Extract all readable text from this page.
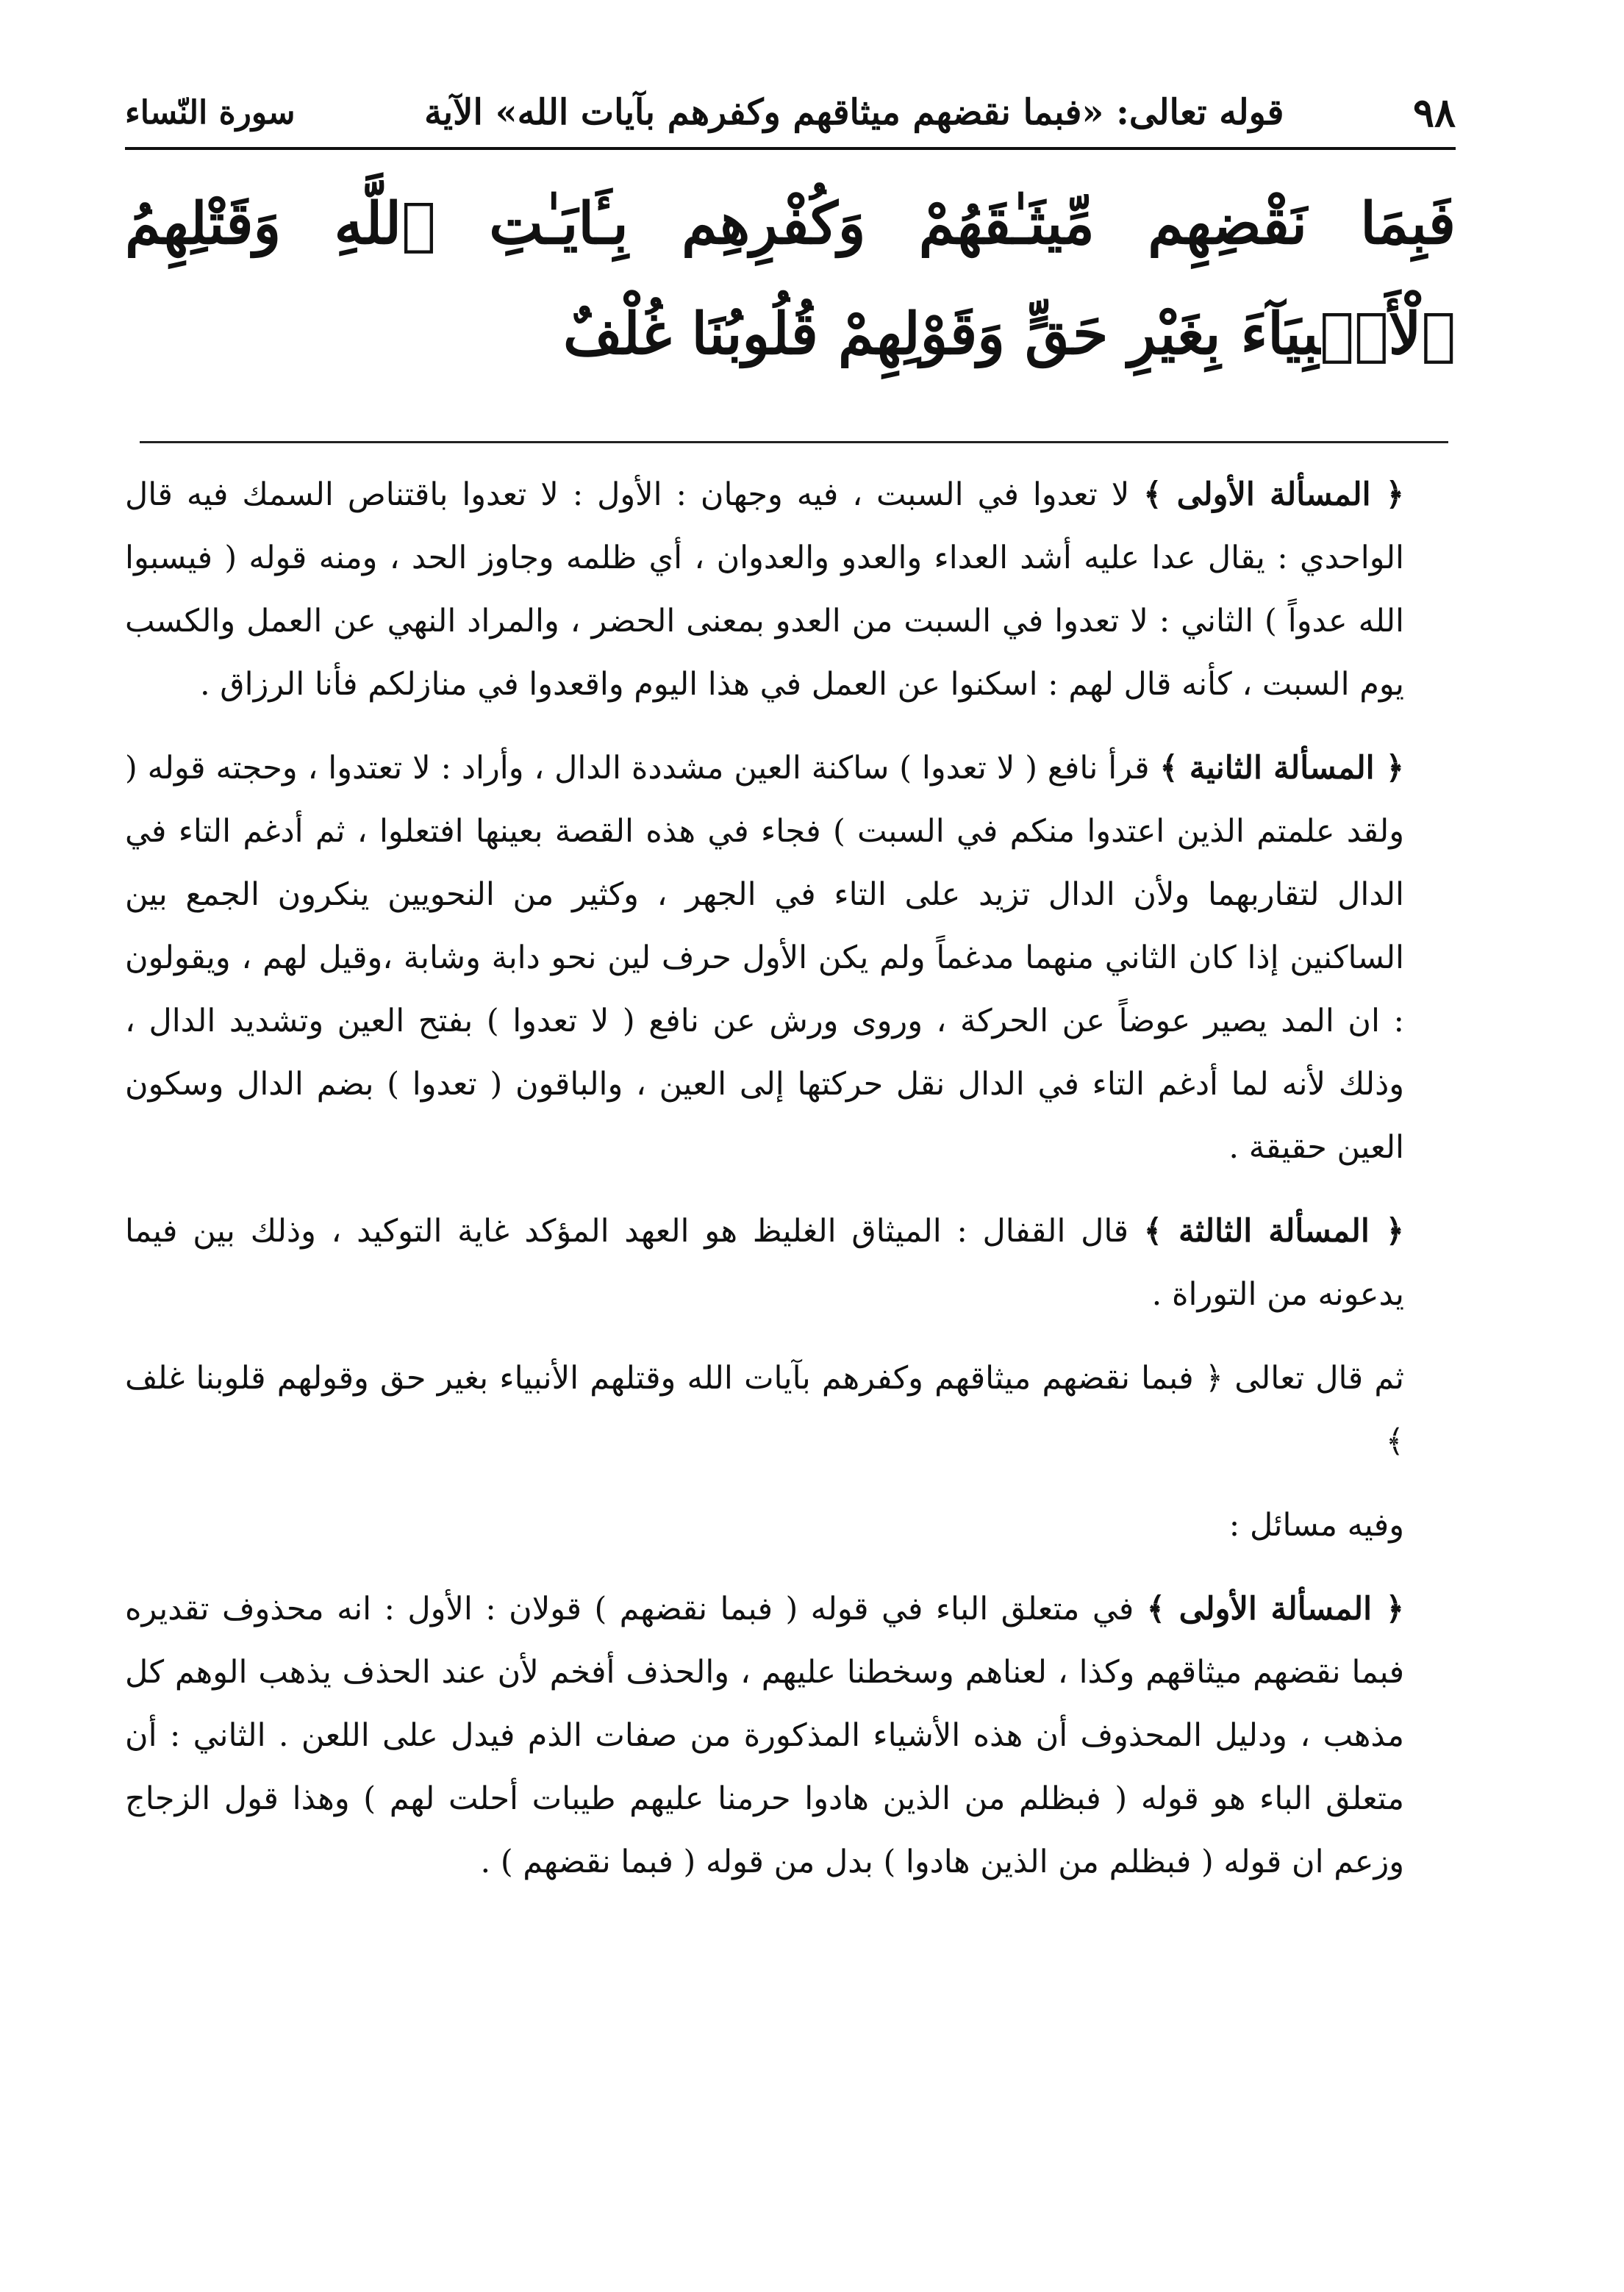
٩٨
قوله تعالى: «فبما نقضهم ميثاقهم وكفرهم بآيات الله» الآية
سورة النّساء
فَبِمَا نَقْضِهِم مِّيثَـٰقَهُمْ وَكُفْرِهِم بِـَٔايَـٰتِ ٱللَّهِ وَقَتْلِهِمُ ٱلْأَنۢبِيَآءَ بِغَيْرِ حَقٍّ وَقَوْلِهِمْ قُلُوبُنَا غُلْفٌ

﴿ المسألة الأولى ﴾ لا تعدوا في السبت ، فيه وجهان : الأول : لا تعدوا باقتناص السمك فيه قال الواحدي : يقال عدا عليه أشد العداء والعدو والعدوان ، أي ظلمه وجاوز الحد ، ومنه قوله ( فيسبوا الله عدواً ) الثاني : لا تعدوا في السبت من العدو بمعنى الحضر ، والمراد النهي عن العمل والكسب يوم السبت ، كأنه قال لهم : اسكنوا عن العمل في هذا اليوم واقعدوا في منازلكم فأنا الرزاق .

﴿ المسألة الثانية ﴾ قرأ نافع ( لا تعدوا ) ساكنة العين مشددة الدال ، وأراد : لا تعتدوا ، وحجته قوله ( ولقد علمتم الذين اعتدوا منكم في السبت ) فجاء في هذه القصة بعينها افتعلوا ، ثم أدغم التاء في الدال لتقاربهما ولأن الدال تزيد على التاء في الجهر ، وكثير من النحويين ينكرون الجمع بين الساكنين إذا كان الثاني منهما مدغماً ولم يكن الأول حرف لين نحو دابة وشابة ،وقيل لهم ، ويقولون : ان المد يصير عوضاً عن الحركة ، وروى ورش عن نافع ( لا تعدوا ) بفتح العين وتشديد الدال ، وذلك لأنه لما أدغم التاء في الدال نقل حركتها إلى العين ، والباقون ( تعدوا ) بضم الدال وسكون العين حقيقة .

﴿ المسألة الثالثة ﴾ قال القفال : الميثاق الغليظ هو العهد المؤكد غاية التوكيد ، وذلك بين فيما يدعونه من التوراة .

ثم قال تعالى ﴿ فبما نقضهم ميثاقهم وكفرهم بآيات الله وقتلهم الأنبياء بغير حق وقولهم قلوبنا غلف ﴾

وفيه مسائل :

﴿ المسألة الأولى ﴾ في متعلق الباء في قوله ( فبما نقضهم ) قولان : الأول : انه محذوف تقديره فبما نقضهم ميثاقهم وكذا ، لعناهم وسخطنا عليهم ، والحذف أفخم لأن عند الحذف يذهب الوهم كل مذهب ، ودليل المحذوف أن هذه الأشياء المذكورة من صفات الذم فيدل على اللعن . الثاني : أن متعلق الباء هو قوله ( فبظلم من الذين هادوا حرمنا عليهم طيبات أحلت لهم ) وهذا قول الزجاج وزعم ان قوله ( فبظلم من الذين هادوا ) بدل من قوله ( فبما نقضهم ) .
